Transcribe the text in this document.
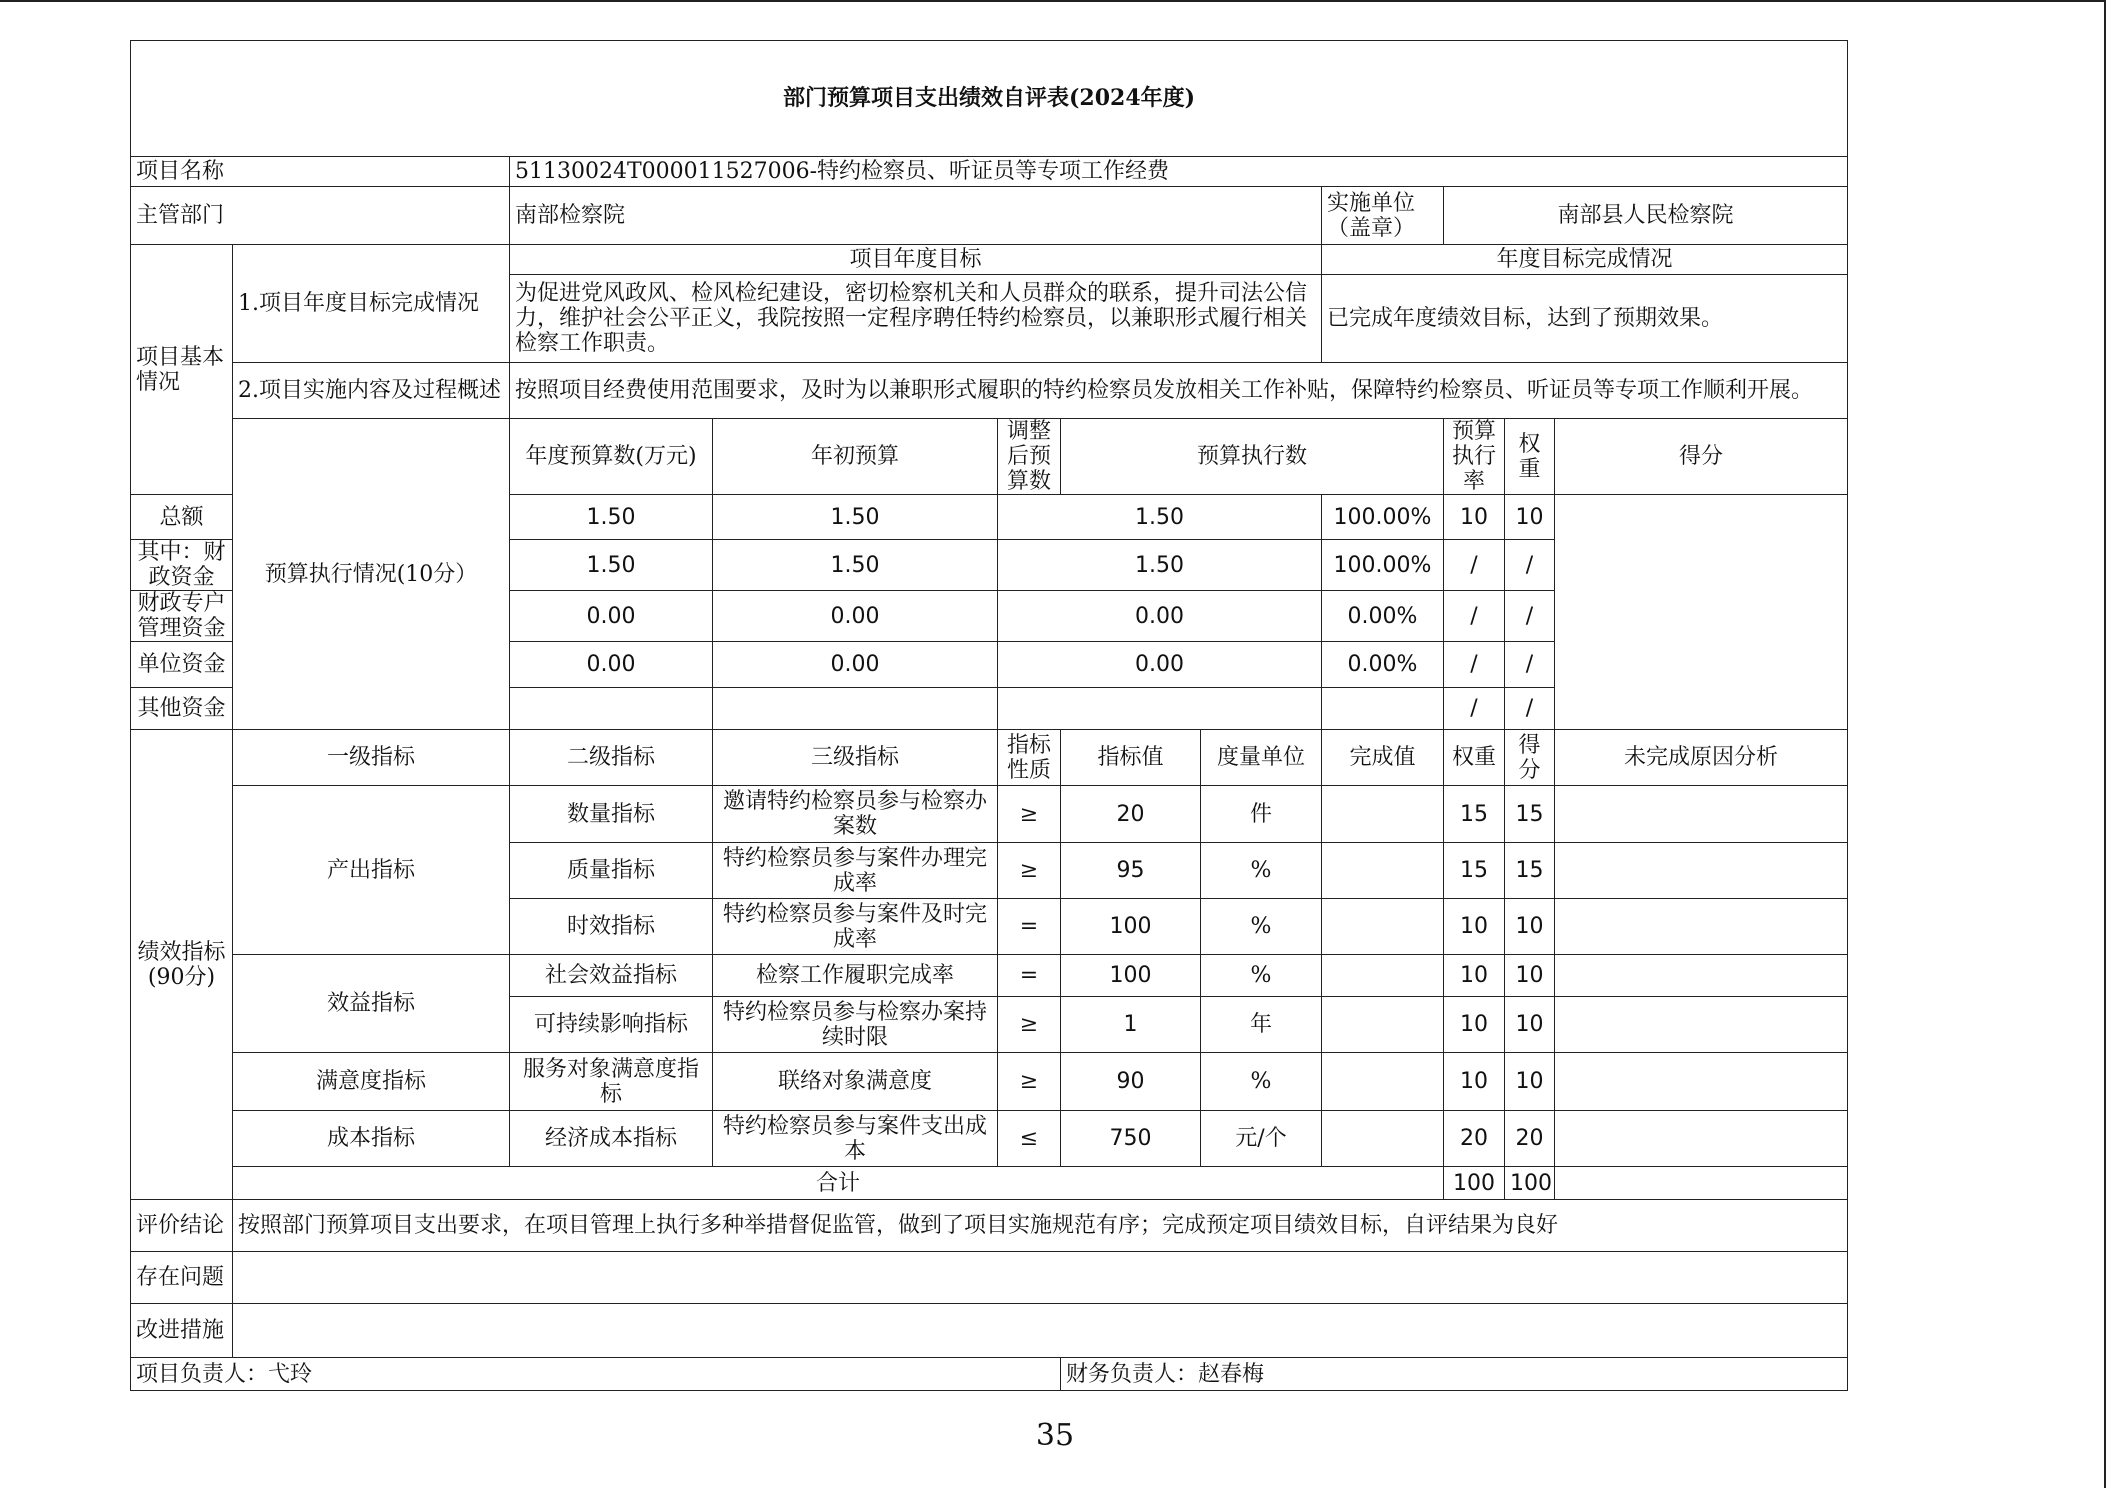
部门预算项目支出绩效自评表(2024年度)											
项目名称		51130024T000011527006-特约检察员、听证员等专项工作经费									
主管部门		南部检察院					实施单位（盖章）	南部县人民检察院			
项目基本情况	1.项目年度目标完成情况	项目年度目标					年度目标完成情况				
		为促进党风政风、检风检纪建设，密切检察机关和人员群众的联系，提升司法公信力，维护社会公平正义，我院按照一定程序聘任特约检察员，以兼职形式履行相关检察工作职责。					已完成年度绩效目标，达到了预期效果。				
	2.项目实施内容及过程概述	按照项目经费使用范围要求，及时为以兼职形式履职的特约检察员发放相关工作补贴，保障特约检察员、听证员等专项工作顺利开展。									
	预算执行情况(10分）	年度预算数(万元)	年初预算	调整后预算数	预算执行数			预算执行率	权重	得分	
总额		1.50	1.50	1.50			100.00%	10	10		
其中：财政资金		1.50	1.50	1.50			100.00%	/	/		
财政专户管理资金		0.00	0.00	0.00			0.00%	/	/		
单位资金		0.00	0.00	0.00			0.00%	/	/		
其他资金								/	/		
绩效指标(90分)	一级指标	二级指标	三级指标	指标性质	指标值	度量单位	完成值	权重	得分	未完成原因分析	
	产出指标	数量指标	邀请特约检察员参与检察办案数	≥	20	件		15	15		
		质量指标	特约检察员参与案件办理完成率	≥	95	%		15	15		
		时效指标	特约检察员参与案件及时完成率	=	100	%		10	10		
	效益指标	社会效益指标	检察工作履职完成率	=	100	%		10	10		
		可持续影响指标	特约检察员参与检察办案持续时限	≥	1	年		10	10		
	满意度指标	服务对象满意度指标	联络对象满意度	≥	90	%		10	10		
	成本指标	经济成本指标	特约检察员参与案件支出成本	≤	750	元/个		20	20		
	合计							100	100		
评价结论	按照部门预算项目支出要求，在项目管理上执行多种举措督促监管，做到了项目实施规范有序；完成预定项目绩效目标，自评结果为良好										
存在问题											
改进措施											
项目负责人：弋玲					财务负责人：赵春梅						
35
